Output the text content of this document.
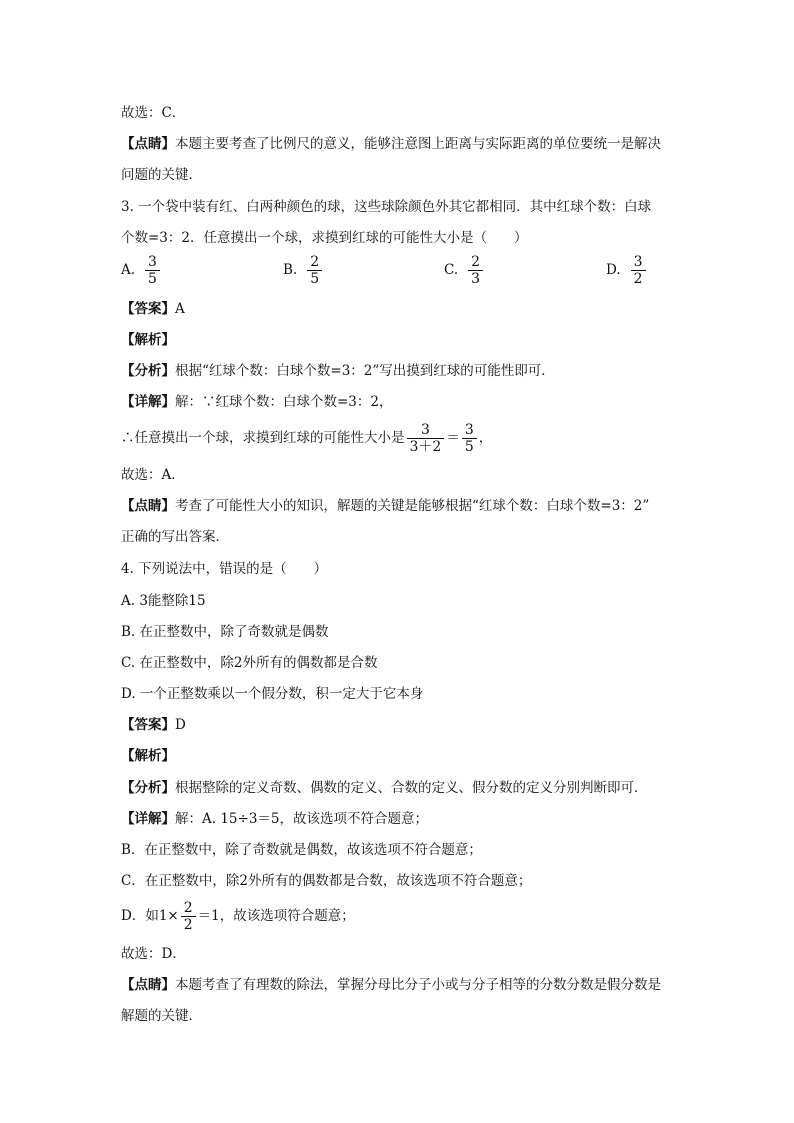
故选：C．
【点睛】本题主要考查了比例尺的意义，能够注意图上距离与实际距离的单位要统一是解决
问题的关键．
3. 一个袋中装有红、白两种颜色的球，这些球除颜色外其它都相同．其中红球个数：白球
个数=3：2．任意摸出一个球，求摸到红球的可能性大小是（　　）
A. $\frac{3}{5}$	B. $\frac{2}{5}$	C. $\frac{2}{3}$	D. $\frac{3}{2}$
【答案】A
【解析】
【分析】根据“红球个数：白球个数=3：2”写出摸到红球的可能性即可．
【详解】解：∵红球个数：白球个数=3：2，
∴任意摸出一个球，求摸到红球的可能性大小是 $\frac{3}{3+2} = \frac{3}{5}$ ，
故选：A．
【点睛】考查了可能性大小的知识，解题的关键是能够根据“红球个数：白球个数=3：2”
正确的写出答案．
4. 下列说法中，错误的是（　　）
A. 3能整除15
B. 在正整数中，除了奇数就是偶数
C. 在正整数中，除2外所有的偶数都是合数
D. 一个正整数乘以一个假分数，积一定大于它本身
【答案】D
【解析】
【分析】根据整除的定义奇数、偶数的定义、合数的定义、假分数的定义分别判断即可．
【详解】解：A. 15÷3＝5，故该选项不符合题意；
B．在正整数中，除了奇数就是偶数，故该选项不符合题意；
C．在正整数中，除2外所有的偶数都是合数，故该选项不符合题意；
D．如$1\times \frac{2}{2} =1$，故该选项符合题意；
故选：D．
【点睛】本题考查了有理数的除法，掌握分母比分子小或与分子相等的分数分数是假分数是
解题的关键．
